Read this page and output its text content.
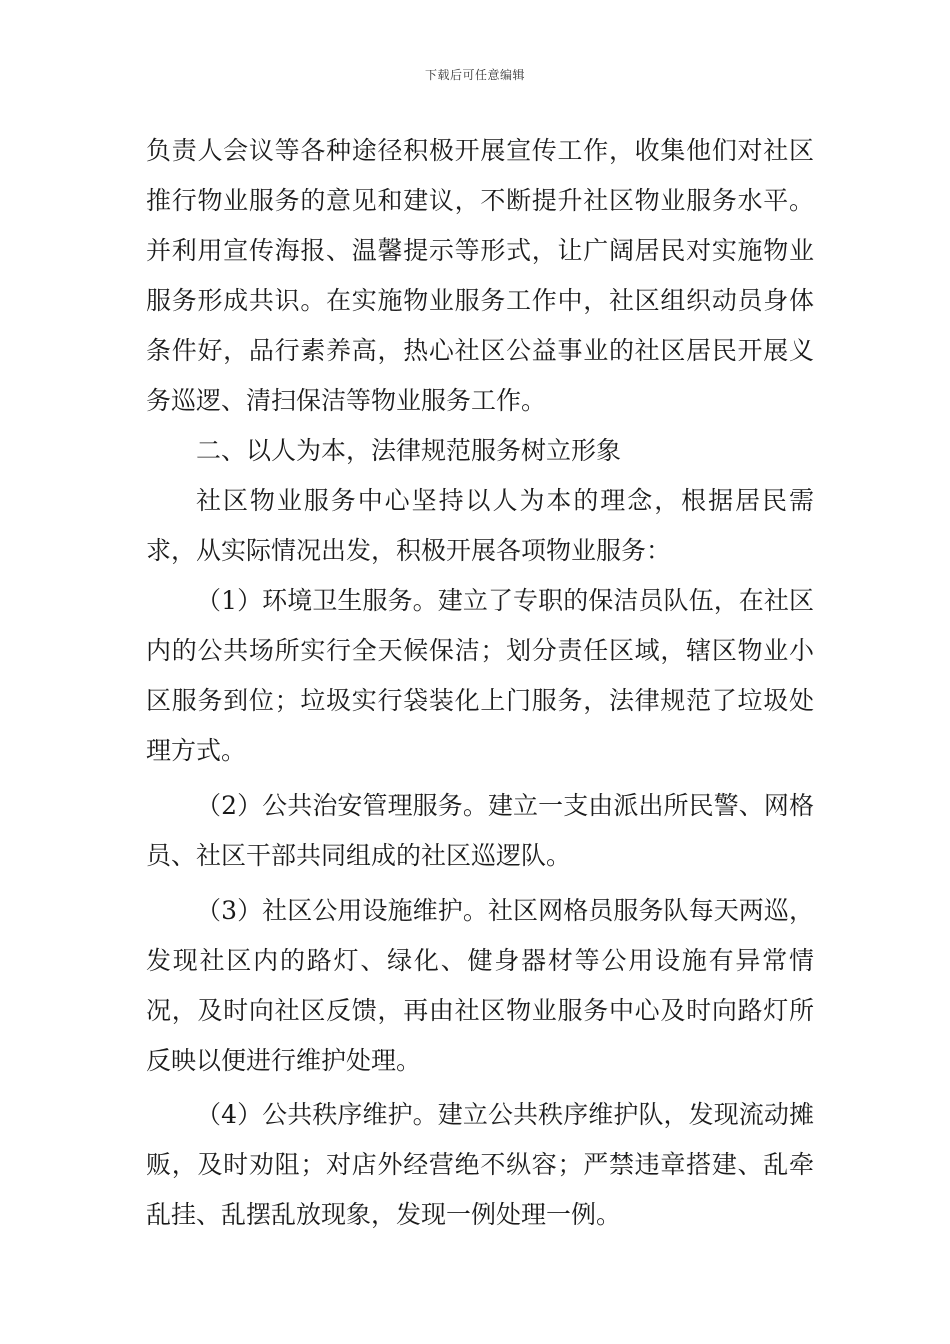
下载后可任意编辑

负责人会议等各种途径积极开展宣传工作，收集他们对社区推行物业服务的意见和建议，不断提升社区物业服务水平。并利用宣传海报、温馨提示等形式，让广阔居民对实施物业服务形成共识。在实施物业服务工作中，社区组织动员身体条件好，品行素养高，热心社区公益事业的社区居民开展义务巡逻、清扫保洁等物业服务工作。

二、以人为本，法律规范服务树立形象

社区物业服务中心坚持以人为本的理念，根据居民需求，从实际情况出发，积极开展各项物业服务：

（1）环境卫生服务。建立了专职的保洁员队伍，在社区内的公共场所实行全天候保洁；划分责任区域，辖区物业小区服务到位；垃圾实行袋装化上门服务，法律规范了垃圾处理方式。

（2）公共治安管理服务。建立一支由派出所民警、网格员、社区干部共同组成的社区巡逻队。

（3）社区公用设施维护。社区网格员服务队每天两巡，发现社区内的路灯、绿化、健身器材等公用设施有异常情况，及时向社区反馈，再由社区物业服务中心及时向路灯所反映以便进行维护处理。

（4）公共秩序维护。建立公共秩序维护队，发现流动摊贩，及时劝阻；对店外经营绝不纵容；严禁违章搭建、乱牵乱挂、乱摆乱放现象，发现一例处理一例。
